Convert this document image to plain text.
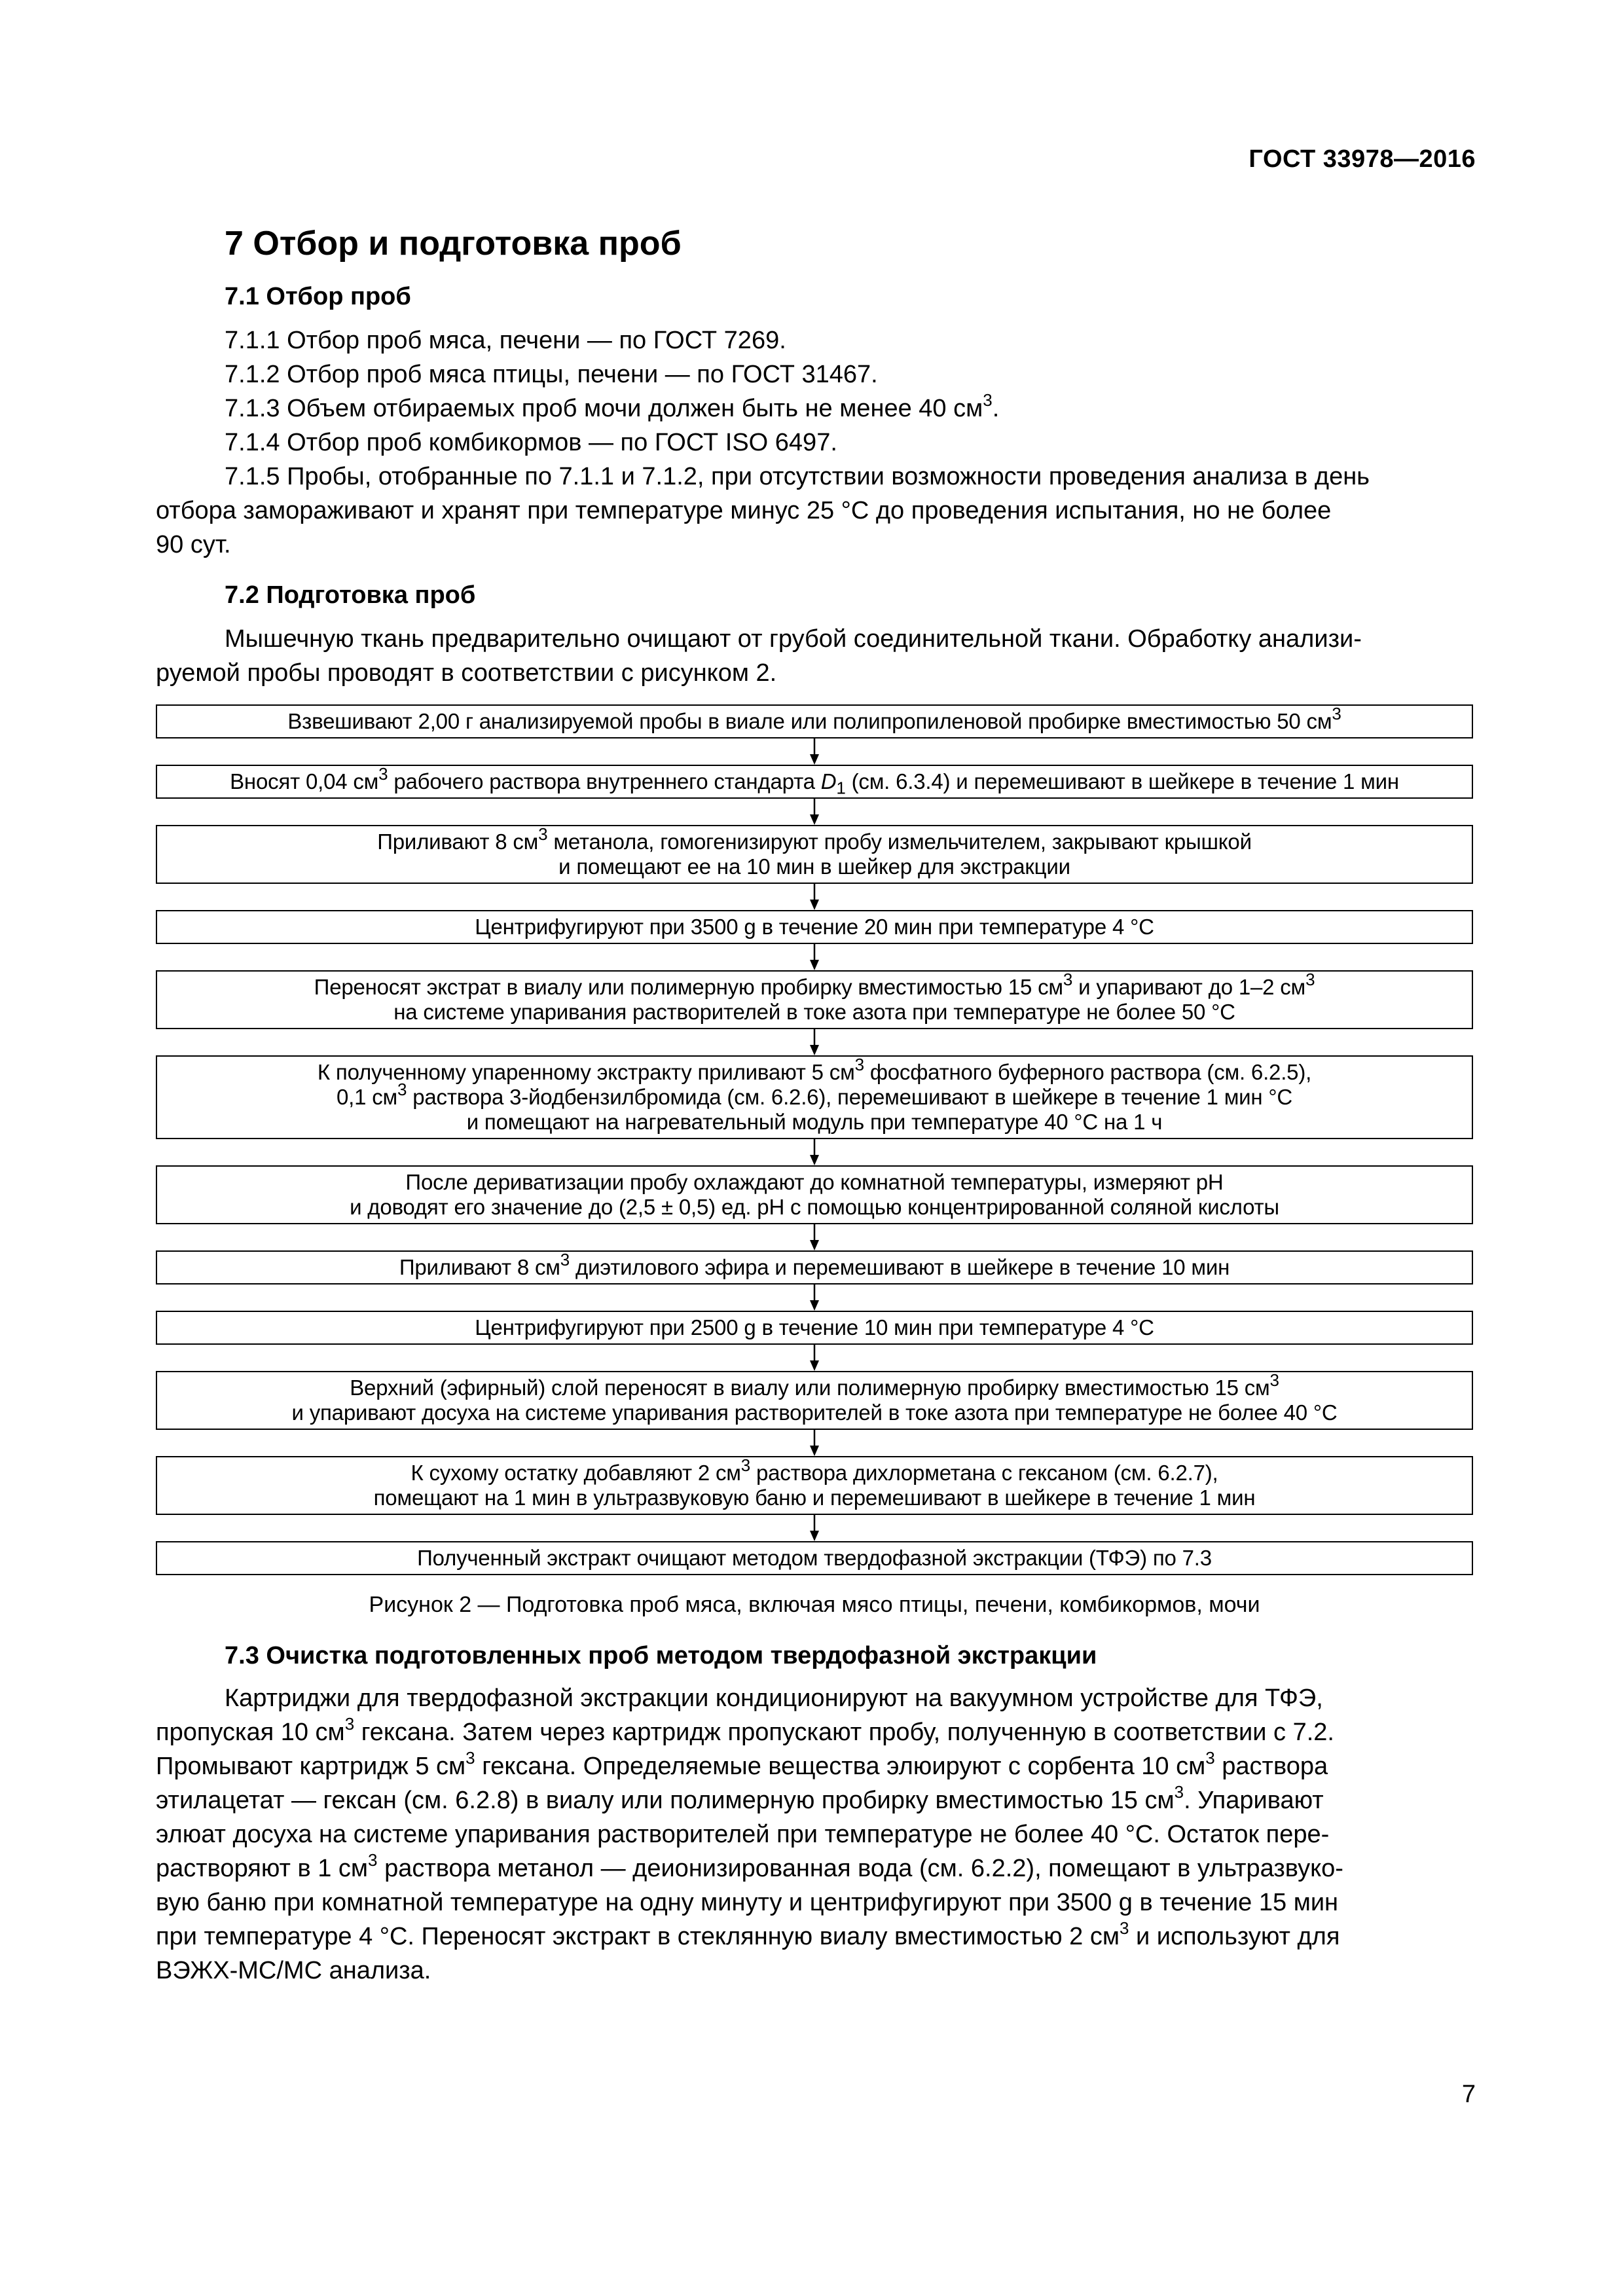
ГОСТ 33978—2016

7 Отбор и подготовка проб

7.1 Отбор проб

7.1.1 Отбор проб мяса, печени — по ГОСТ 7269.

7.1.2 Отбор проб мяса птицы, печени — по ГОСТ 31467.

7.1.3 Объем отбираемых проб мочи должен быть не менее 40 $см^3$.

7.1.4 Отбор проб комбикормов — по ГОСТ ISO 6497.

7.1.5 Пробы, отобранные по 7.1.1 и 7.1.2, при отсутствии возможности проведения анализа в день

отбора замораживают и хранят при температуре минус 25 °С до проведения испытания, но не более

90 сут.

7.2 Подготовка проб

Мышечную ткань предварительно очищают от грубой соединительной ткани. Обработку анализи-

руемой пробы проводят в соответствии с рисунком 2.

Взвешивают 2,00 г анализируемой пробы в виале или полипропиленовой пробирке вместимостью 50 $см^3$
Вносят 0,04 $см^3$ рабочего раствора внутреннего стандарта $D_1$ (см. 6.3.4) и перемешивают в шейкере в течение 1 мин
Приливают 8 $см^3$ метанола, гомогенизируют пробу измельчителем, закрывают крышкой
и помещают ее на 10 мин в шейкер для экстракции
Центрифугируют при 3500 g в течение 20 мин при температуре 4 °С
Переносят экстрат в виалу или полимерную пробирку вместимостью 15 $см^3$ и упаривают до 1–2 $см^3$
на системе упаривания растворителей в токе азота при температуре не более 50 °С
К полученному упаренному экстракту приливают 5 $см^3$ фосфатного буферного раствора (см. 6.2.5),
0,1 $см^3$ раствора 3-йодбензилбромида (см. 6.2.6), перемешивают в шейкере в течение 1 мин °С
и помещают на нагревательный модуль при температуре 40 °С на 1 ч
После дериватизации пробу охлаждают до комнатной температуры, измеряют pH
и доводят его значение до (2,5 ± 0,5) ед. pH с помощью концентрированной соляной кислоты
Приливают 8 $см^3$ диэтилового эфира и перемешивают в шейкере в течение 10 мин
Центрифугируют при 2500 g в течение 10 мин при температуре 4 °С
Верхний (эфирный) слой переносят в виалу или полимерную пробирку вместимостью 15 $см^3$
и упаривают досуха на системе упаривания растворителей в токе азота при температуре не более 40 °С
К сухому остатку добавляют 2 $см^3$ раствора дихлорметана с гексаном (см. 6.2.7),
помещают на 1 мин в ультразвуковую баню и перемешивают в шейкере в течение 1 мин
Полученный экстракт очищают методом твердофазной экстракции (ТФЭ) по 7.3

Рисунок 2 — Подготовка проб мяса, включая мясо птицы, печени, комбикормов, мочи

7.3 Очистка подготовленных проб методом твердофазной экстракции

Картриджи для твердофазной экстракции кондиционируют на вакуумном устройстве для ТФЭ,

пропуская 10 $см^3$ гексана. Затем через картридж пропускают пробу, полученную в соответствии с 7.2.

Промывают картридж 5 $см^3$ гексана. Определяемые вещества элюируют с сорбента 10 $см^3$ раствора

этилацетат — гексан (см. 6.2.8) в виалу или полимерную пробирку вместимостью 15 $см^3$. Упаривают

элюат досуха на системе упаривания растворителей при температуре не более 40 °С. Остаток пере-

растворяют в 1 $см^3$ раствора метанол — деионизированная вода (см. 6.2.2), помещают в ультразвуко-

вую баню при комнатной температуре на одну минуту и центрифугируют при 3500 g в течение 15 мин

при температуре 4 °С. Переносят экстракт в стеклянную виалу вместимостью 2 $см^3$ и используют для

ВЭЖХ-МС/МС анализа.

7
